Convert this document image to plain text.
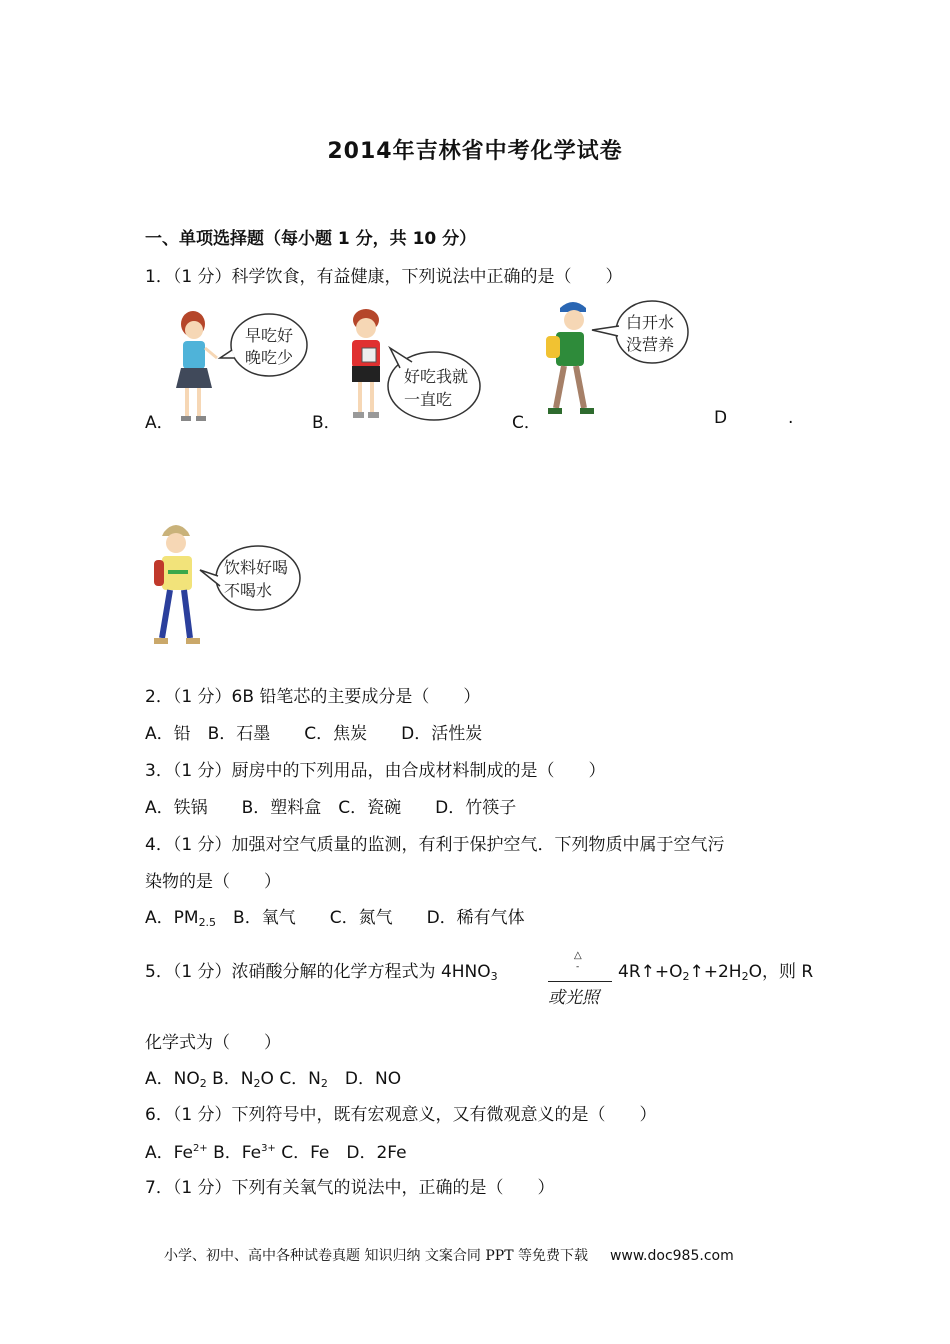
2014年吉林省中考化学试卷
一、单项选择题（每小题 1 分，共 10 分）
1．（1 分）科学饮食，有益健康，下列说法中正确的是（　　）
早吃好
晚吃少
好吃我就
一直吃
白开水
没营养
A．	B．	C．	D	.
饮料好喝
不喝水
2．（1 分）6B 铅笔芯的主要成分是（　　）
A．铅　B．石墨　　C．焦炭　　D．活性炭
3．（1 分）厨房中的下列用品，由合成材料制成的是（　　）
A．铁锅　　B．塑料盒　C．瓷碗　　D．竹筷子
4．（1 分）加强对空气质量的监测，有利于保护空气．下列物质中属于空气污
染物的是（　　）
A．$PM_{2.5}$　B．氧气　　C．氮气　　D．稀有气体
5．（1 分）浓硝酸分解的化学方程式为 $4HNO_3$
△
-
或光照
$4R↑+O_2↑+2H_2O$，则 R
化学式为（　　）
A．$NO_2$ B．$N_2O$ C．$N_2$　D．NO
6．（1 分）下列符号中，既有宏观意义，又有微观意义的是（　　）
A．$Fe^{2+}$ B．$Fe^{3+}$ C．Fe　D．2Fe
7．（1 分）下列有关氧气的说法中，正确的是（　　）
小学、初中、高中各种试卷真题 知识归纳 文案合同 PPT 等免费下载 www.doc985.com
